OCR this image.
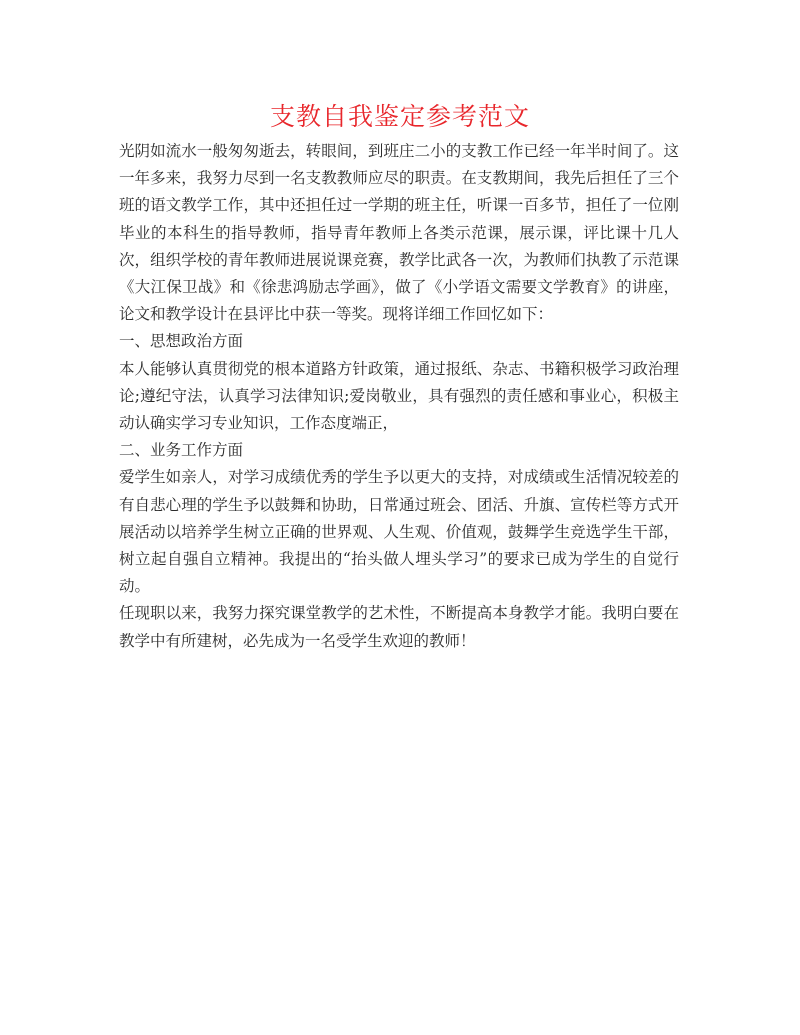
支教自我鉴定参考范文

光阴如流水一般匆匆逝去，转眼间，到班庄二小的支教工作已经一年半时间了。这一年多来，我努力尽到一名支教教师应尽的职责。在支教期间，我先后担任了三个班的语文教学工作，其中还担任过一学期的班主任，听课一百多节，担任了一位刚毕业的本科生的指导教师，指导青年教师上各类示范课，展示课，评比课十几人次，组织学校的青年教师进展说课竞赛，教学比武各一次，为教师们执教了示范课《大江保卫战》和《徐悲鸿励志学画》，做了《小学语文需要文学教育》的讲座，论文和教学设计在县评比中获一等奖。现将详细工作回忆如下：

一、思想政治方面

本人能够认真贯彻党的根本道路方针政策，通过报纸、杂志、书籍积极学习政治理论;遵纪守法，认真学习法律知识;爱岗敬业，具有强烈的责任感和事业心，积极主动认确实学习专业知识，工作态度端正，

二、业务工作方面

爱学生如亲人，对学习成绩优秀的学生予以更大的支持，对成绩或生活情况较差的有自悲心理的学生予以鼓舞和协助，日常通过班会、团活、升旗、宣传栏等方式开展活动以培养学生树立正确的世界观、人生观、价值观，鼓舞学生竞选学生干部，树立起自强自立精神。我提出的“抬头做人埋头学习”的要求已成为学生的自觉行动。

任现职以来，我努力探究课堂教学的艺术性，不断提高本身教学才能。我明白要在教学中有所建树，必先成为一名受学生欢迎的教师！
